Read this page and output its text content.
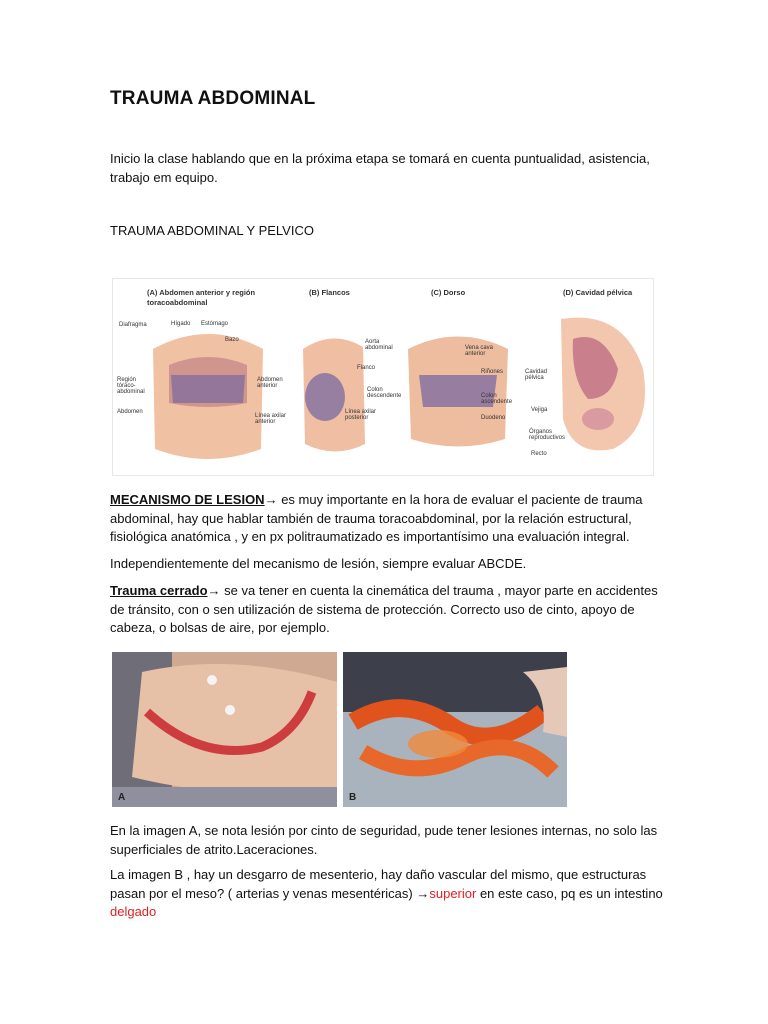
TRAUMA ABDOMINAL

Inicio la clase hablando que en la próxima etapa se tomará en cuenta puntualidad, asistencia, trabajo em equipo.

TRAUMA ABDOMINAL Y PELVICO

(A) Abdomen anterior y región toracoabdominal
(B) Flancos	(C) Dorso	(D) Cavidad pélvica
Diafragma	Hígado Estómago
Bazo
Región tóraco-abdominal
Abdomen
Abdomen anterior
Línea axilar anterior
Aorta abdominal
Flanco
Colon descendente
Línea axilar posterior
Vena cava anterior
Riñones
Colon ascendente
Duodeno
Cavidad pélvica
Vejiga
Órganos reproductivos
Recto

MECANISMO DE LESION→ es muy importante en la hora de evaluar el paciente de trauma abdominal, hay que hablar también de trauma toracoabdominal, por la relación estructural, fisiológica anatómica , y en px politraumatizado es importantísimo una evaluación integral.

Independientemente del mecanismo de lesión, siempre evaluar ABCDE.

Trauma cerrado→ se va tener en cuenta la cinemática del trauma , mayor parte en accidentes de tránsito, con o sen utilización de sistema de protección. Correcto uso de cinto, apoyo de cabeza, o bolsas de aire, por ejemplo.

A	B

En la imagen A, se nota lesión por cinto de seguridad, pude tener lesiones internas, no solo las superficiales de atrito.Laceraciones.

La imagen B , hay un desgarro de mesenterio, hay daño vascular del mismo, que estructuras pasan por el meso? ( arterias y venas mesentéricas) →superior en este caso, pq es un intestino delgado
